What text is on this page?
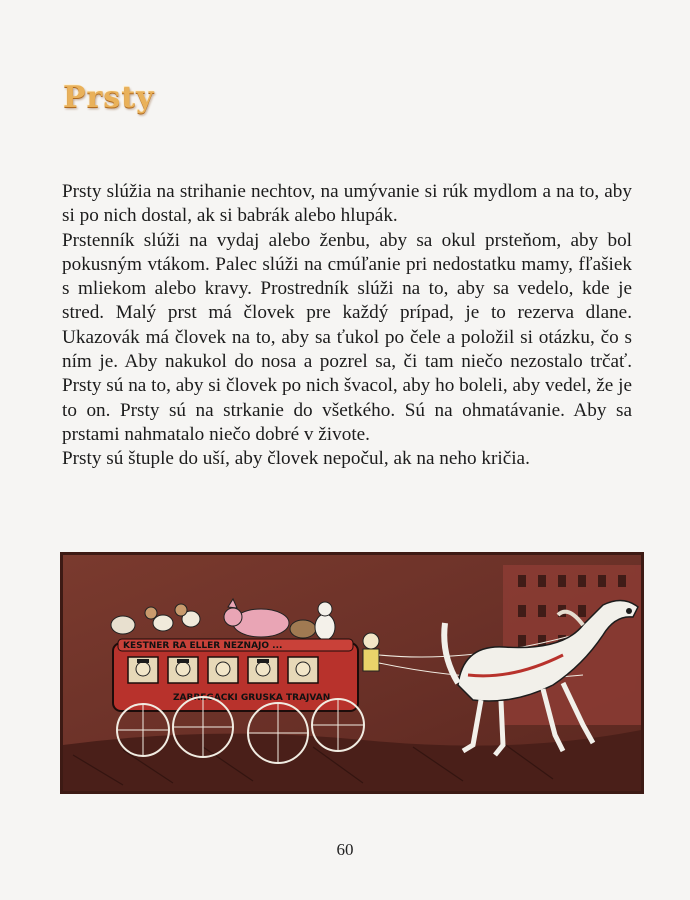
Prsty

Prsty slúžia na strihanie nechtov, na umývanie si rúk mydlom a na to, aby si po nich dostal, ak si babrák alebo hlupák.

Prstenník slúži na vydaj alebo ženbu, aby sa okul prsteňom, aby bol pokusným vtákom. Palec slúži na cmúľanie pri nedostatku mamy, fľašiek s mliekom alebo kravy. Prostredník slúži na to, aby sa vedelo, kde je stred. Malý prst má človek pre každý prípad, je to rezerva dlane. Ukazovák má človek na to, aby sa ťukol po čele a položil si otázku, čo s ním je. Aby nakukol do nosa a pozrel sa, či tam niečo nezostalo trčať. Prsty sú na to, aby si človek po nich švacol, aby ho boleli, aby vedel, že je to on. Prsty sú na strkanie do všetkého. Sú na ohmatávanie. Aby sa prstami nahmatalo niečo dobré v živote.

Prsty sú štuple do uší, aby človek nepočul, ak na neho kričia.

KESTNER RA ELLER NEZNAJO ...
ZABREGACKI GRUSKA TRAJVAN
60
